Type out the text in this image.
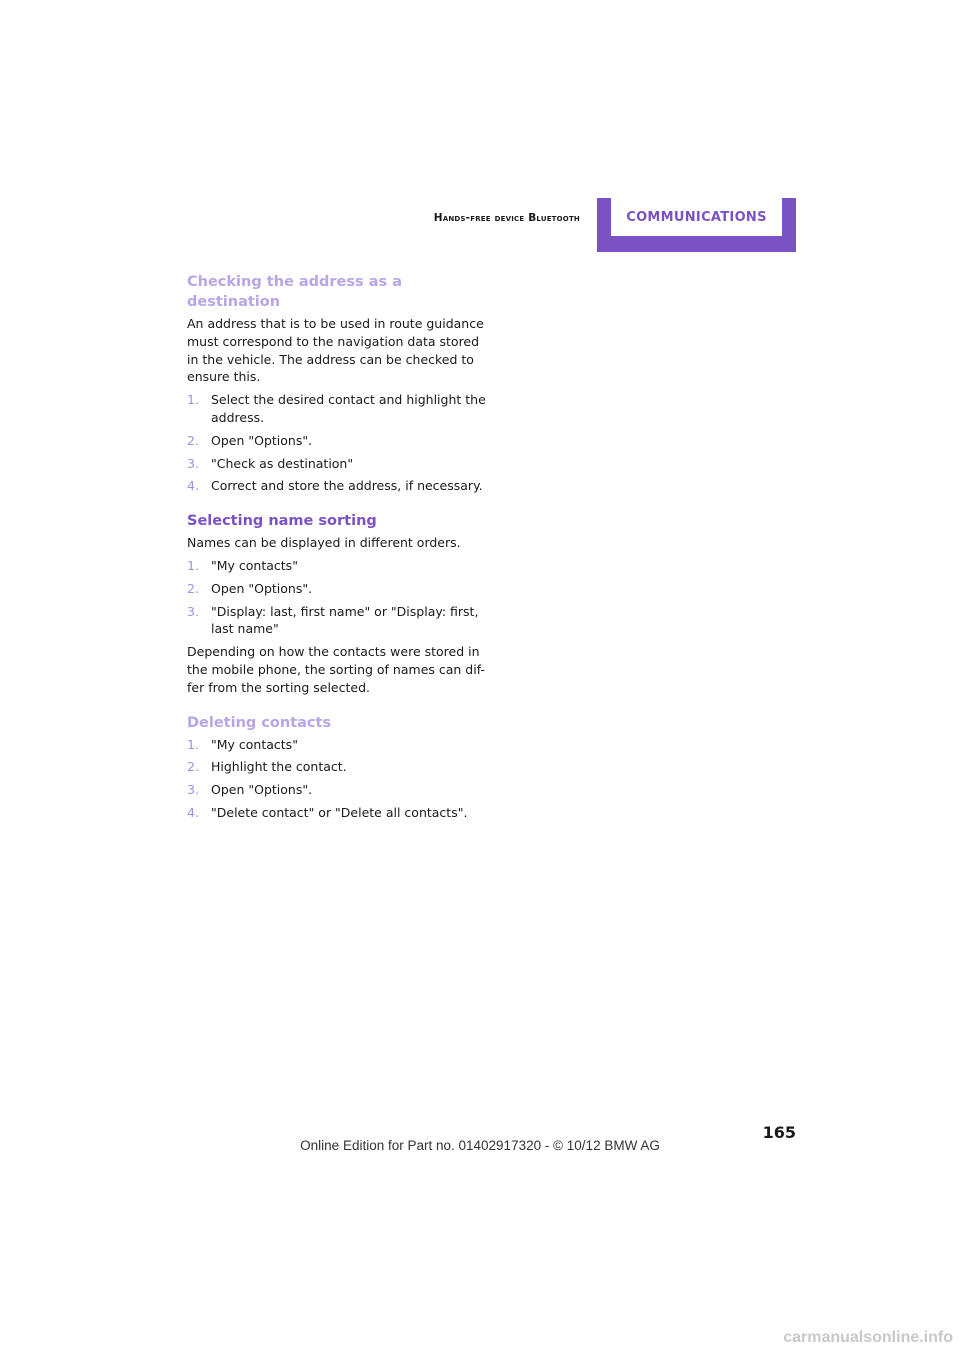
Hands-free device Bluetooth	COMMUNICATIONS
Checking the address as a destination

An address that is to be used in route guidance must correspond to the navigation data stored in the vehicle. The address can be checked to ensure this.

1. Select the desired contact and highlight the address.
2. Open "Options".
3. "Check as destination"
4. Correct and store the address, if necessary.
Selecting name sorting

Names can be displayed in different orders.

1. "My contacts"
2. Open "Options".
3. "Display: last, first name" or "Display: first, last name"

Depending on how the contacts were stored in the mobile phone, the sorting of names can dif-fer from the sorting selected.

Deleting contacts
1. "My contacts"
2. Highlight the contact.
3. Open "Options".
4. "Delete contact" or "Delete all contacts".
165
Online Edition for Part no. 01402917320 - © 10/12 BMW AG
carmanualsonline.info
